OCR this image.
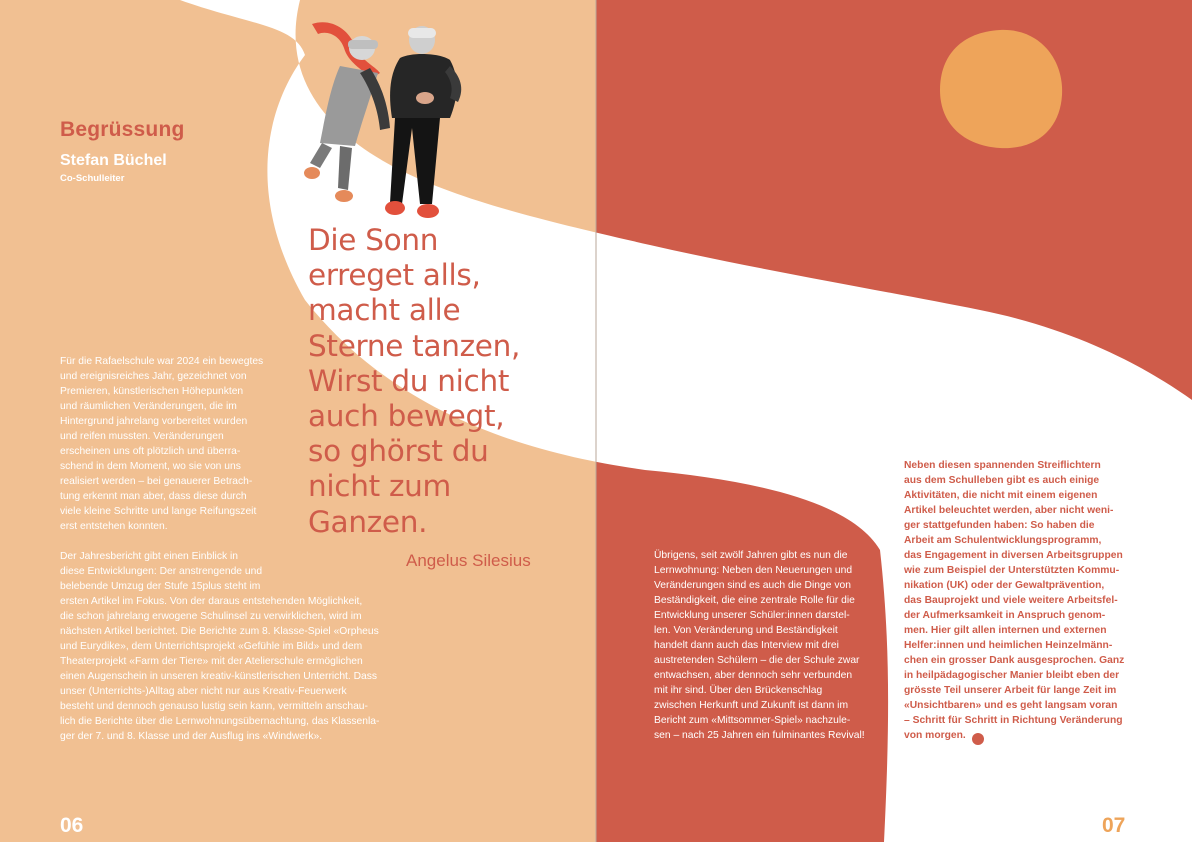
Begrüssung
Stefan Büchel
Co-Schulleiter

Für die Rafaelschule war 2024 ein bewegtes
und ereignisreiches Jahr, gezeichnet von
Premieren, künstlerischen Höhepunkten
und räumlichen Veränderungen, die im
Hintergrund jahrelang vorbereitet wurden
und reifen mussten. Veränderungen
erscheinen uns oft plötzlich und überra-
schend in dem Moment, wo sie von uns
realisiert werden – bei genauerer Betrach-
tung erkennt man aber, dass diese durch
viele kleine Schritte und lange Reifungszeit
erst entstehen konnten.

Der Jahresbericht gibt einen Einblick in
diese Entwicklungen: Der anstrengende und
belebende Umzug der Stufe 15plus steht im
ersten Artikel im Fokus. Von der daraus entstehenden Möglichkeit,
die schon jahrelang erwogene Schulinsel zu verwirklichen, wird im
nächsten Artikel berichtet. Die Berichte zum 8. Klasse-Spiel «Orpheus
und Eurydike», dem Unterrichtsprojekt «Gefühle im Bild» und dem
Theaterprojekt «Farm der Tiere» mit der Atelierschule ermöglichen
einen Augenschein in unseren kreativ-künstlerischen Unterricht. Dass
unser (Unterrichts-)Alltag aber nicht nur aus Kreativ-Feuerwerk
besteht und dennoch genauso lustig sein kann, vermitteln anschau-
lich die Berichte über die Lernwohnungsübernachtung, das Klassenla-
ger der 7. und 8. Klasse und der Ausflug ins «Windwerk».

Die Sonn
erreget alls,
macht alle
Sterne tanzen,
Wirst du nicht
auch bewegt,
so ghörst du
nicht zum
Ganzen.
Angelus Silesius	Übrigens, seit zwölf Jahren gibt es nun die
Lernwohnung: Neben den Neuerungen und
Veränderungen sind es auch die Dinge von
Beständigkeit, die eine zentrale Rolle für die
Entwicklung unserer Schüler:innen darstel-
len. Von Veränderung und Beständigkeit
handelt dann auch das Interview mit drei
austretenden Schülern – die der Schule zwar
entwachsen, aber dennoch sehr verbunden
mit ihr sind. Über den Brückenschlag
zwischen Herkunft und Zukunft ist dann im
Bericht zum «Mittsommer-Spiel» nachzule-
sen – nach 25 Jahren ein fulminantes Revival!

Neben diesen spannenden Streiflichtern
aus dem Schulleben gibt es auch einige
Aktivitäten, die nicht mit einem eigenen
Artikel beleuchtet werden, aber nicht weni-
ger stattgefunden haben: So haben die
Arbeit am Schulentwicklungsprogramm,
das Engagement in diversen Arbeitsgruppen
wie zum Beispiel der Unterstützten Kommu-
nikation (UK) oder der Gewaltprävention,
das Bauprojekt und viele weitere Arbeitsfel-
der Aufmerksamkeit in Anspruch genom-
men. Hier gilt allen internen und externen
Helfer:innen und heimlichen Heinzelmänn-
chen ein grosser Dank ausgesprochen. Ganz
in heilpädagogischer Manier bleibt eben der
grösste Teil unserer Arbeit für lange Zeit im
«Unsichtbaren» und es geht langsam voran
– Schritt für Schritt in Richtung Veränderung
von morgen.

06	07
